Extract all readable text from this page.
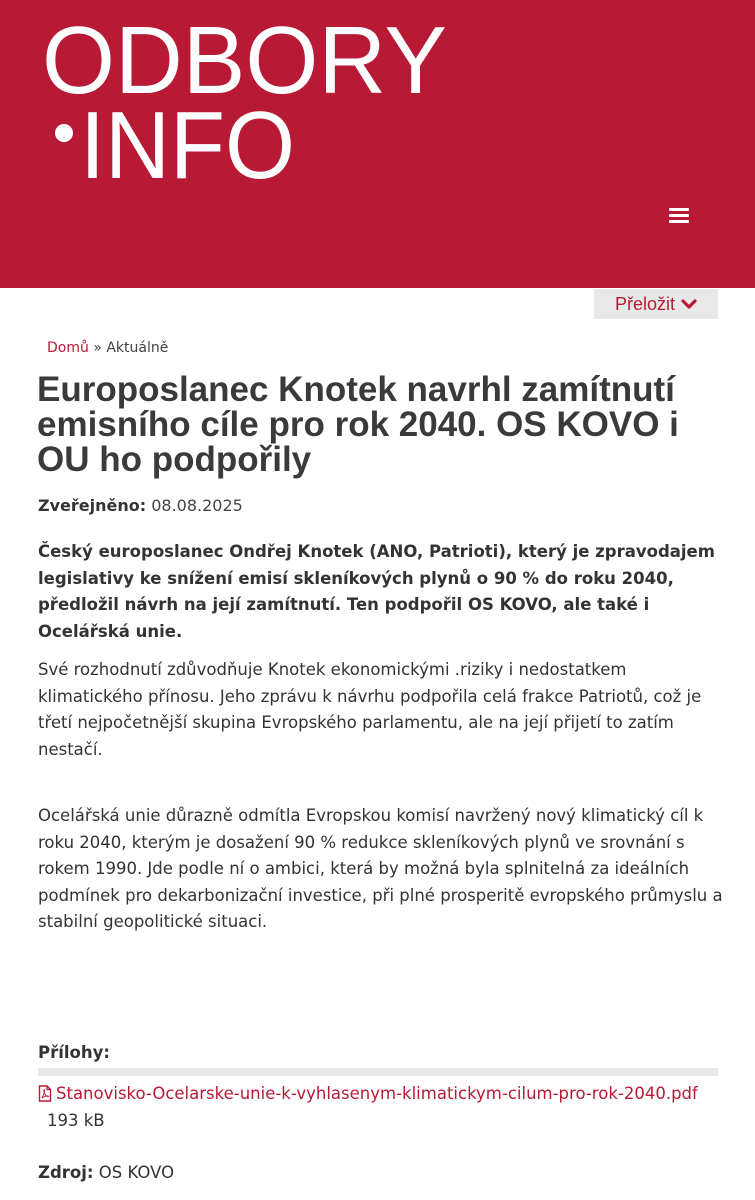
ODBORY
INFO
Přeložit
Domů » Aktuálně
Europoslanec Knotek navrhl zamítnutí emisního cíle pro rok 2040. OS KOVO i OU ho podpořily
Zveřejněno: 08.08.2025

Český europoslanec Ondřej Knotek (ANO, Patrioti), který je zpravodajem legislativy ke snížení emisí skleníkových plynů o 90 % do roku 2040, předložil návrh na její zamítnutí. Ten podpořil OS KOVO, ale také i Ocelářská unie.

Své rozhodnutí zdůvodňuje Knotek ekonomickými .riziky i nedostatkem klimatického přínosu. Jeho zprávu k návrhu podpořila celá frakce Patriotů, což je třetí nejpočetnější skupina Evropského parlamentu, ale na její přijetí to zatím nestačí.

Ocelářská unie důrazně odmítla Evropskou komisí navržený nový klimatický cíl k roku 2040, kterým je dosažení 90 % redukce skleníkových plynů ve srovnání s rokem 1990. Jde podle ní o ambici, která by možná byla splnitelná za ideálních podmínek pro dekarbonizační investice, při plné prosperitě evropského průmyslu a stabilní geopolitické situaci.

Přílohy:
Stanovisko-Ocelarske-unie-k-vyhlasenym-klimatickym-cilum-pro-rok-2040.pdf
193 kB
Zdroj: OS KOVO
